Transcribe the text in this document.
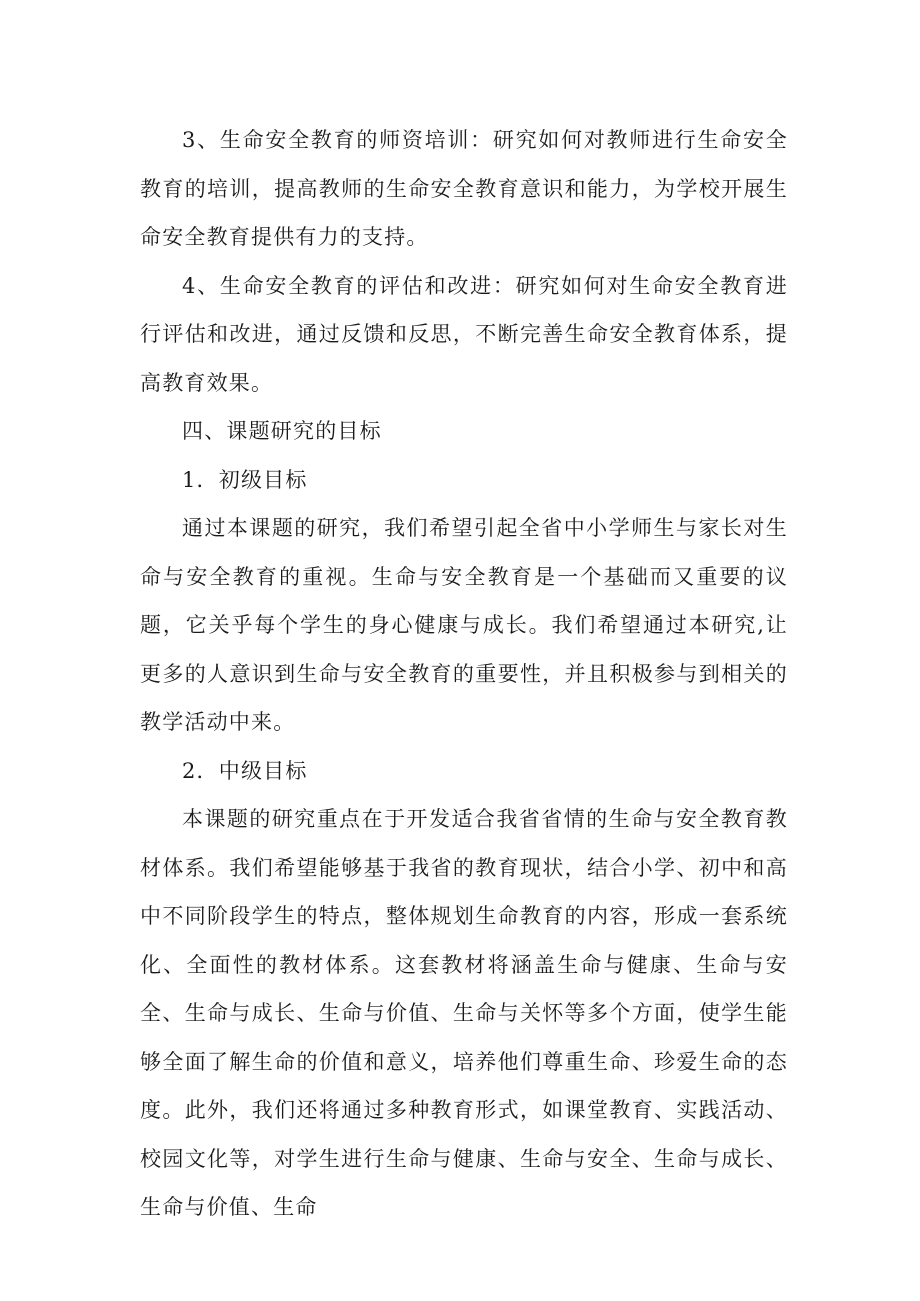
3、生命安全教育的师资培训：研究如何对教师进行生命安全教育的培训，提高教师的生命安全教育意识和能力，为学校开展生命安全教育提供有力的支持。

4、生命安全教育的评估和改进：研究如何对生命安全教育进行评估和改进，通过反馈和反思，不断完善生命安全教育体系，提高教育效果。

四、课题研究的目标

1．初级目标

通过本课题的研究，我们希望引起全省中小学师生与家长对生命与安全教育的重视。生命与安全教育是一个基础而又重要的议题，它关乎每个学生的身心健康与成长。我们希望通过本研究,让更多的人意识到生命与安全教育的重要性，并且积极参与到相关的教学活动中来。

2．中级目标

本课题的研究重点在于开发适合我省省情的生命与安全教育教材体系。我们希望能够基于我省的教育现状，结合小学、初中和高中不同阶段学生的特点，整体规划生命教育的内容，形成一套系统化、全面性的教材体系。这套教材将涵盖生命与健康、生命与安全、生命与成长、生命与价值、生命与关怀等多个方面，使学生能够全面了解生命的价值和意义，培养他们尊重生命、珍爱生命的态度。此外，我们还将通过多种教育形式，如课堂教育、实践活动、校园文化等，对学生进行生命与健康、生命与安全、生命与成长、生命与价值、生命
